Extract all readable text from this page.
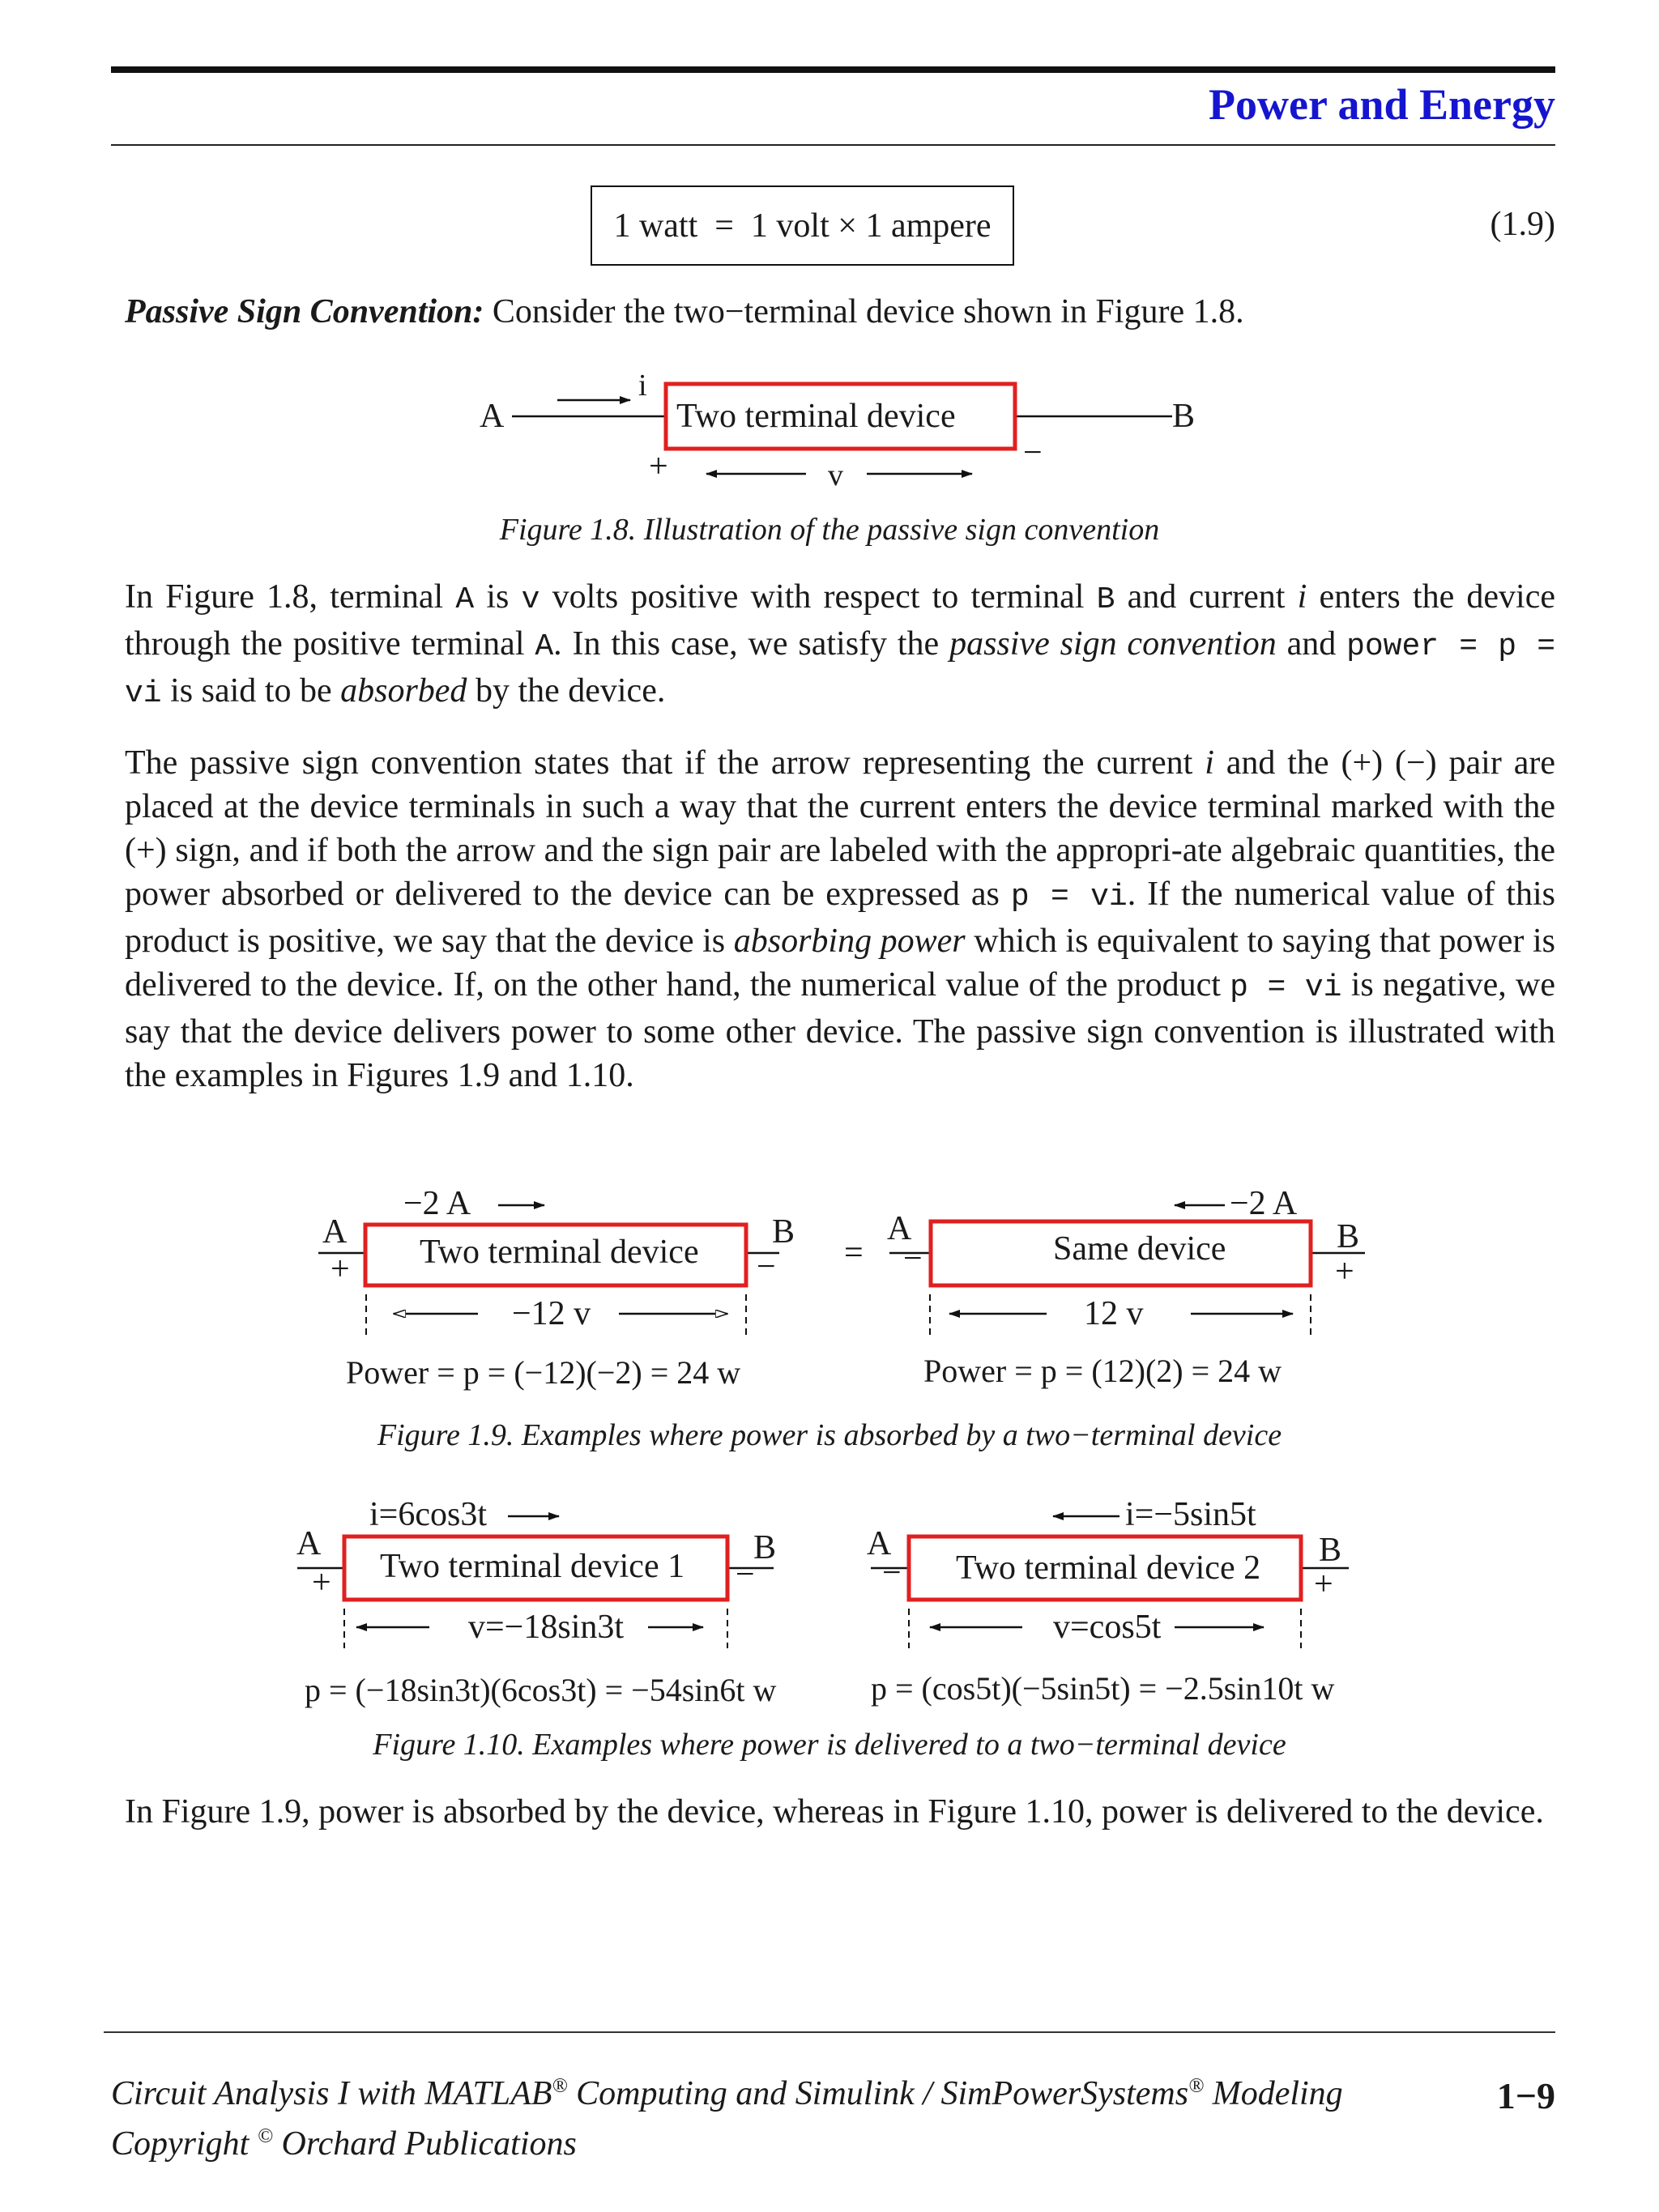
Power and Energy
1 watt  =  1 volt × 1 ampere	(1.9)
Passive Sign Convention: Consider the two−terminal device shown in Figure 1.8.
=
A	B
i
Two terminal device
+	−
v
Figure 1.8. Illustration of the passive sign convention
In Figure 1.8, terminal A is v volts positive with respect to terminal B and current i enters the device through the positive terminal A. In this case, we satisfy the passive sign convention and power = p = vi is said to be absorbed by the device.
The passive sign convention states that if the arrow representing the current i and the (+) (−) pair are placed at the device terminals in such a way that the current enters the device terminal marked with the (+) sign, and if both the arrow and the sign pair are labeled with the appropri-ate algebraic quantities, the power absorbed or delivered to the device can be expressed as p = vi. If the numerical value of this product is positive, we say that the device is absorbing power which is equivalent to saying that power is delivered to the device. If, on the other hand, the numerical value of the product p = vi is negative, we say that the device delivers power to some other device. The passive sign convention is illustrated with the examples in Figures 1.9 and 1.10.
−2 A
A
+ Two terminal device
B
−
−12 v
Power = p = (−12)(−2) = 24 w
−2 A
A
−	Same device	B
+
12 v
Power = p = (12)(2) = 24 w
Figure 1.9. Examples where power is absorbed by a two−terminal device
i=6cos3t
A
+ Two terminal device 1 B
−
v=−18sin3t
p = (−18sin3t)(6cos3t) = −54sin6t w
i=−5sin5t
A
− Two terminal device 2 B
+
v=cos5t
p = (cos5t)(−5sin5t) = −2.5sin10t w
Figure 1.10. Examples where power is delivered to a two−terminal device
In Figure 1.9, power is absorbed by the device, whereas in Figure 1.10, power is delivered to the device.
Circuit Analysis I with MATLAB® Computing and Simulink / SimPowerSystems® Modeling
Copyright © Orchard Publications
1−9
